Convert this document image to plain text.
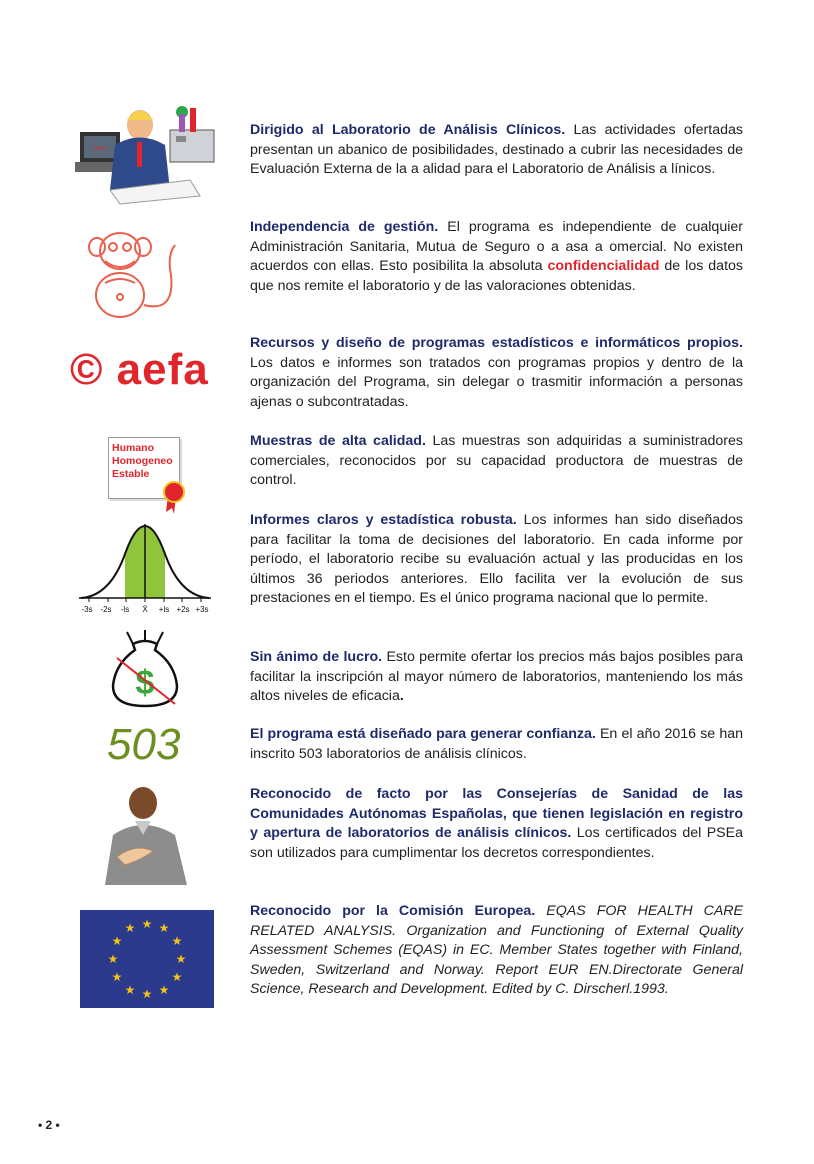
www
Dirigido al Laboratorio de Análisis Clínicos. Las actividades ofertadas presentan un abanico de posibilidades, destinado a cubrir las necesidades de Evaluación Externa de la a alidad para el Laboratorio de Análisis a línicos.
Independencia de gestión. El programa es independiente de cualquier Administración Sanitaria, Mutua de Seguro o a asa a omercial. No existen acuerdos con ellas. Esto posibilita la absoluta confidencialidad de los datos que nos remite el laboratorio y de las valoraciones obtenidas.
© aefa
Recursos y diseño de programas estadísticos e informáticos propios. Los datos e informes son tratados con programas propios y dentro de la organización del Programa, sin delegar o trasmitir información a personas ajenas o subcontratadas.
Humano
Homogeneo
Estable
Muestras de alta calidad. Las muestras son adquiridas a suministradores comerciales, reconocidos por su capacidad productora de muestras de control.
-3s -2s -ls X̄ +ls +2s +3s
Informes claros y estadística robusta. Los informes han sido diseñados para facilitar la toma de decisiones del laboratorio. En cada informe por período, el laboratorio recibe su evaluación actual y las producidas en los últimos 36 periodos anteriores. Ello facilita ver la evolución de sus prestaciones en el tiempo. Es el único programa nacional que lo permite.
$
Sin ánimo de lucro. Esto permite ofertar los precios más bajos posibles para facilitar la inscripción al mayor número de laboratorios, manteniendo los más altos niveles de eficacia.
503	El programa está diseñado para generar confianza. En el año 2016 se han inscrito 503 laboratorios de análisis clínicos.
Reconocido de facto por las Consejerías de Sanidad de las Comunidades Autónomas Españolas, que tienen legislación en registro y apertura de laboratorios de análisis clínicos. Los certificados del PSEa son utilizados para cumplimentar los decretos correspondientes.
★ ★
★
★
★
★
★
★
★
★
★
★
Reconocido por la Comisión Europea. EQAS FOR HEALTH CARE RELATED ANALYSIS. Organization and Functioning of External Quality Assessment Schemes (EQAS) in EC. Member States together with Finland, Sweden, Switzerland and Norway. Report EUR EN.Directorate General Science, Research and Development. Edited by C. Dirscherl.1993.
• 2 •
